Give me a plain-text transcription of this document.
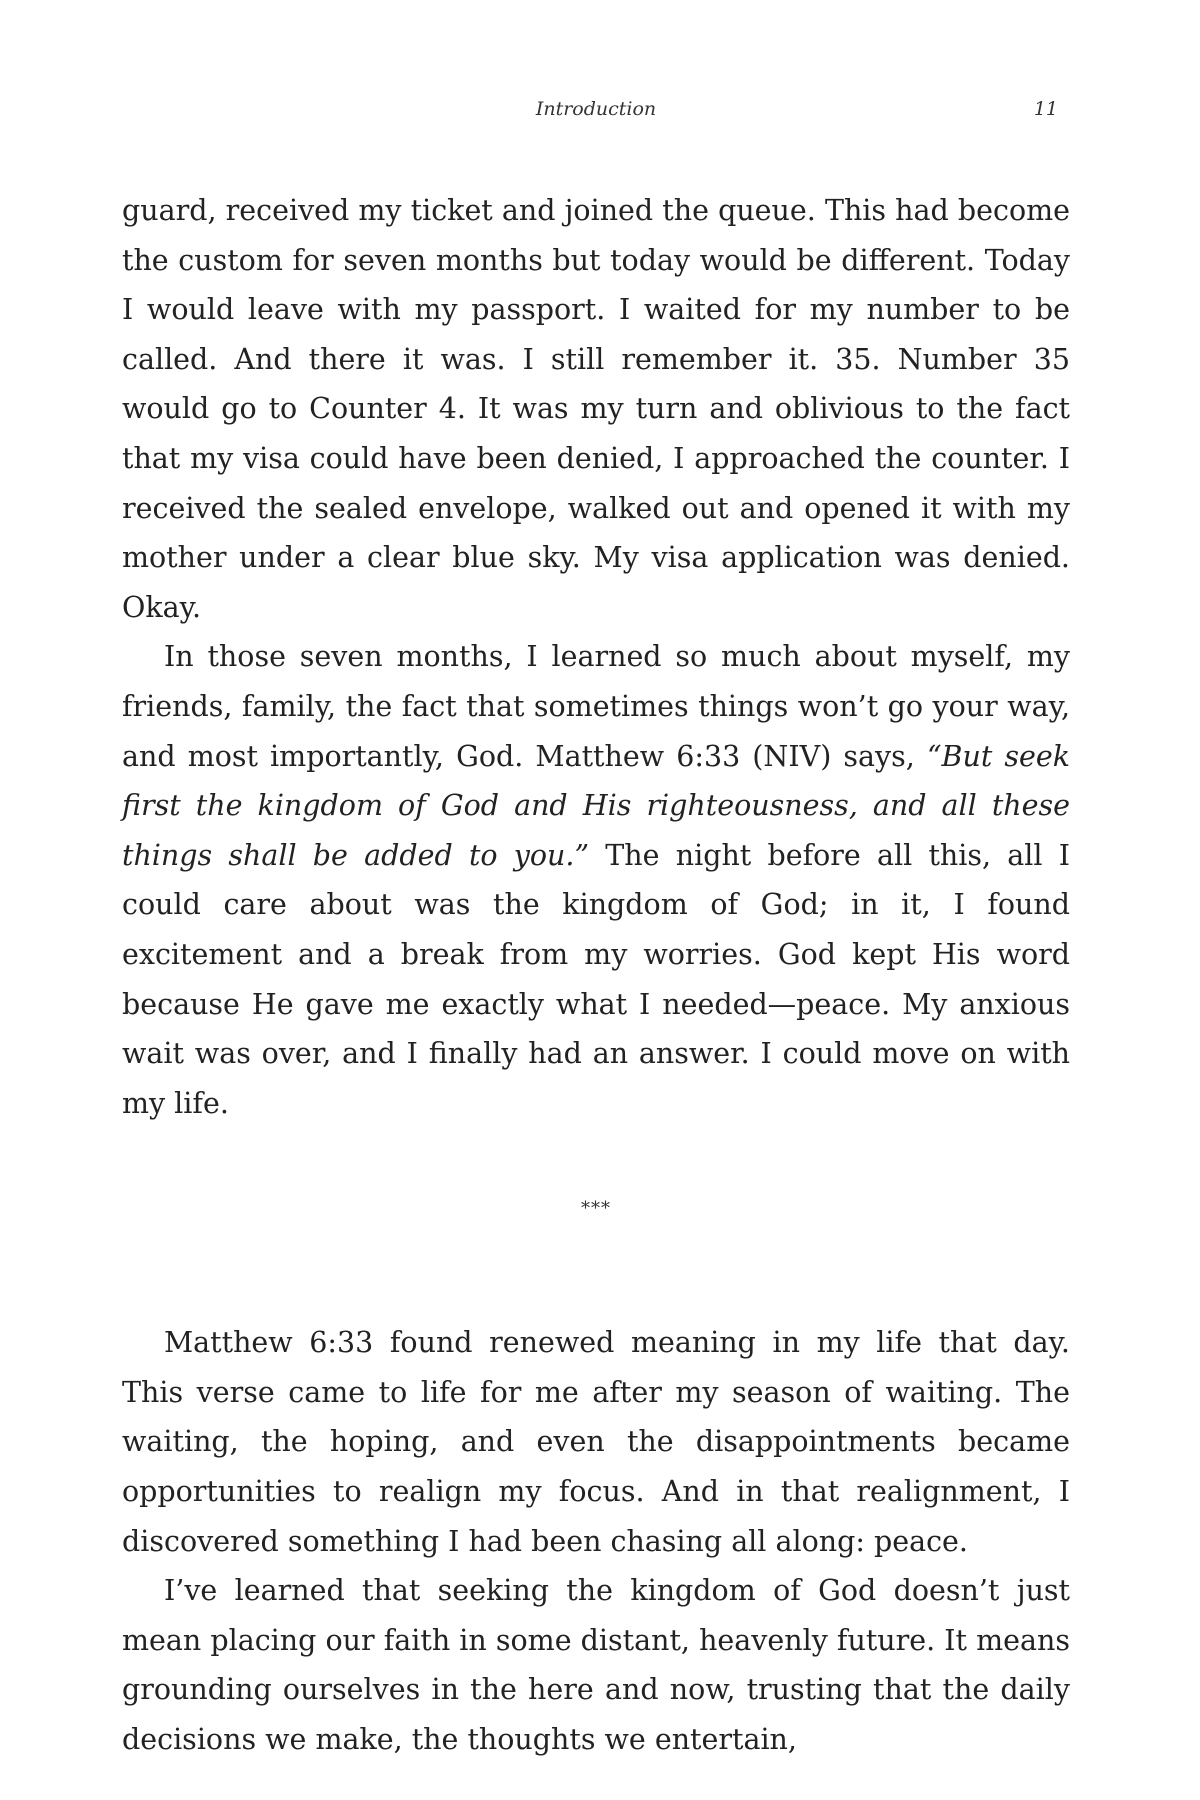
Introduction	11

guard, received my ticket and joined the queue. This had become the custom for seven months but today would be different. Today I would leave with my passport. I waited for my number to be called. And there it was. I still remember it. 35. Number 35 would go to Counter 4. It was my turn and oblivious to the fact that my visa could have been denied, I approached the counter. I received the sealed envelope, walked out and opened it with my mother under a clear blue sky. My visa application was denied. Okay.

In those seven months, I learned so much about myself, my friends, family, the fact that sometimes things won’t go your way, and most importantly, God. Matthew 6:33 (NIV) says, “But seek first the kingdom of God and His righteousness, and all these things shall be added to you.” The night before all this, all I could care about was the kingdom of God; in it, I found excitement and a break from my worries. God kept His word because He gave me exactly what I needed—peace. My anxious wait was over, and I finally had an answer. I could move on with my life.

***

Matthew 6:33 found renewed meaning in my life that day. This verse came to life for me after my season of waiting. The waiting, the hoping, and even the disappointments became opportunities to realign my focus. And in that realignment, I discovered something I had been chasing all along: peace.

I’ve learned that seeking the kingdom of God doesn’t just mean placing our faith in some distant, heavenly future. It means grounding ourselves in the here and now, trusting that the daily decisions we make, the thoughts we entertain,
